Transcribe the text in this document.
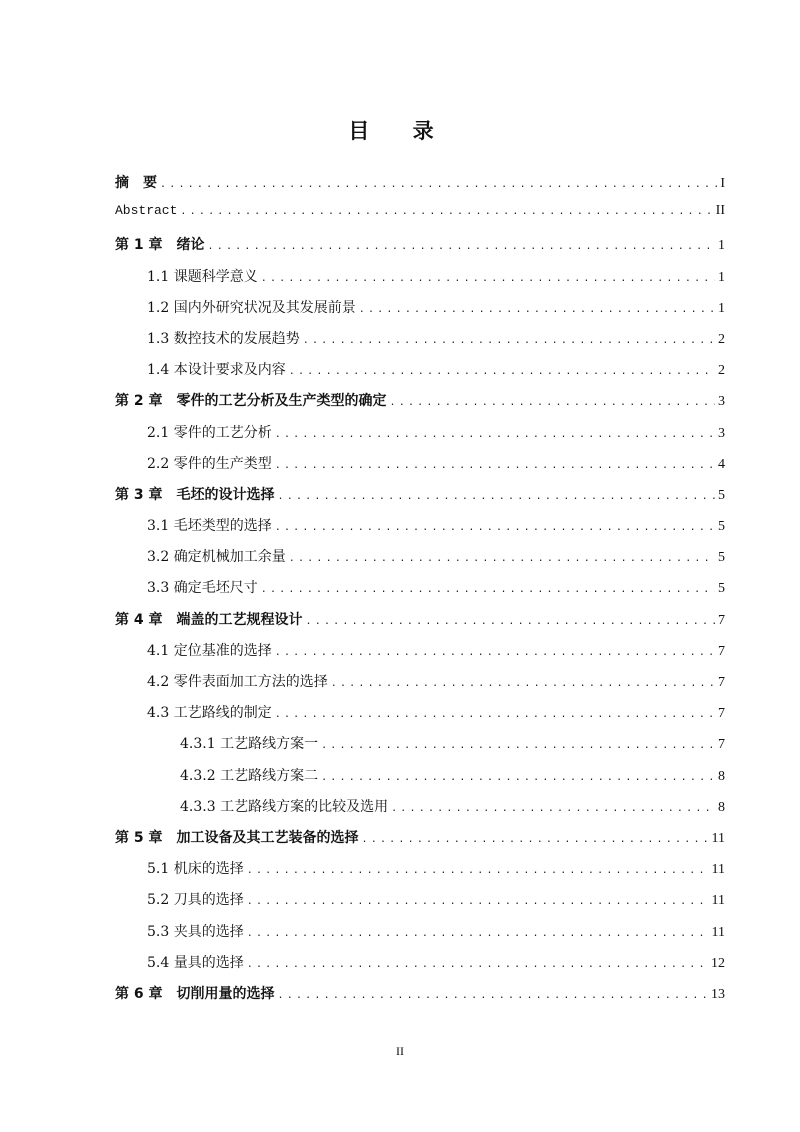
目 录
摘　要 .....	I
Abstract .....	II
第 1 章　绪论 .....	1
1.1 课题科学意义 .....	1
1.2 国内外研究状况及其发展前景 .....	1
1.3 数控技术的发展趋势 .....	2
1.4 本设计要求及内容 .....	2
第 2 章　零件的工艺分析及生产类型的确定 .....	3
2.1 零件的工艺分析 .....	3
2.2 零件的生产类型 .....	4
第 3 章　毛坯的设计选择 .....	5
3.1 毛坯类型的选择 .....	5
3.2 确定机械加工余量 .....	5
3.3 确定毛坯尺寸 .....	5
第 4 章　端盖的工艺规程设计 .....	7
4.1 定位基准的选择 .....	7
4.2 零件表面加工方法的选择 .....	7
4.3 工艺路线的制定 .....	7
4.3.1 工艺路线方案一 .....	7
4.3.2 工艺路线方案二 .....	8
4.3.3 工艺路线方案的比较及选用 .....	8
第 5 章　加工设备及其工艺装备的选择 .....	11
5.1 机床的选择 .....	11
5.2 刀具的选择 .....	11
5.3 夹具的选择 .....	11
5.4 量具的选择 .....	12
第 6 章　切削用量的选择 .....	13
II
